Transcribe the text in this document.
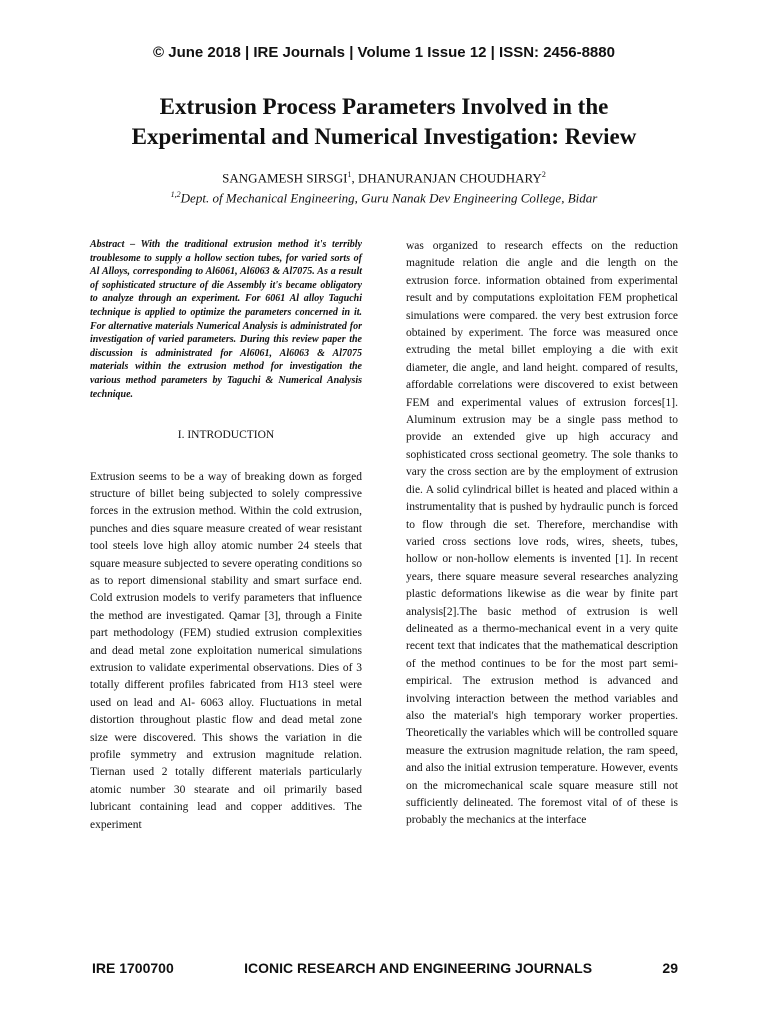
© June 2018 | IRE Journals | Volume 1 Issue 12 | ISSN: 2456-8880
Extrusion Process Parameters Involved in the
Experimental and Numerical Investigation: Review
SANGAMESH SIRSGI$^1$, DHANURANJAN CHOUDHARY$^2$
$^{1,2}$Dept. of Mechanical Engineering, Guru Nanak Dev Engineering College, Bidar

Abstract – With the traditional extrusion method it's terribly troublesome to supply a hollow section tubes, for varied sorts of Al Alloys, corresponding to Al6061, Al6063 & Al7075. As a result of sophisticated structure of die Assembly it's became obligatory to analyze through an experiment. For 6061 Al alloy Taguchi technique is applied to optimize the parameters concerned in it. For alternative materials Numerical Analysis is administrated for investigation of varied parameters. During this review paper the discussion is administrated for Al6061, Al6063 & Al7075 materials within the extrusion method for investigation the various method parameters by Taguchi & Numerical Analysis technique.

I. INTRODUCTION

Extrusion seems to be a way of breaking down as forged structure of billet being subjected to solely compressive forces in the extrusion method. Within the cold extrusion, punches and dies square measure created of wear resistant tool steels love high alloy atomic number 24 steels that square measure subjected to severe operating conditions so as to report dimensional stability and smart surface end. Cold extrusion models to verify parameters that influence the method are investigated. Qamar [3], through a Finite part methodology (FEM) studied extrusion complexities and dead metal zone exploitation numerical simulations extrusion to validate experimental observations. Dies of 3 totally different profiles fabricated from H13 steel were used on lead and Al- 6063 alloy. Fluctuations in metal distortion throughout plastic flow and dead metal zone size were discovered. This shows the variation in die profile symmetry and extrusion magnitude relation. Tiernan used 2 totally different materials particularly atomic number 30 stearate and oil primarily based lubricant containing lead and copper additives. The experiment

was organized to research effects on the reduction magnitude relation die angle and die length on the extrusion force. information obtained from experimental result and by computations exploitation FEM prophetical simulations were compared. the very best extrusion force obtained by experiment. The force was measured once extruding the metal billet employing a die with exit diameter, die angle, and land height. compared of results, affordable correlations were discovered to exist between FEM and experimental values of extrusion forces[1]. Aluminum extrusion may be a single pass method to provide an extended give up high accuracy and sophisticated cross sectional geometry. The sole thanks to vary the cross section are by the employment of extrusion die. A solid cylindrical billet is heated and placed within a instrumentality that is pushed by hydraulic punch is forced to flow through die set. Therefore, merchandise with varied cross sections love rods, wires, sheets, tubes, hollow or non-hollow elements is invented [1]. In recent years, there square measure several researches analyzing plastic deformations likewise as die wear by finite part analysis[2].The basic method of extrusion is well delineated as a thermo-mechanical event in a very quite recent text that indicates that the mathematical description of the method continues to be for the most part semi-empirical. The extrusion method is advanced and involving interaction between the method variables and also the material's high temporary worker properties. Theoretically the variables which will be controlled square measure the extrusion magnitude relation, the ram speed, and also the initial extrusion temperature. However, events on the micromechanical scale square measure still not sufficiently delineated. The foremost vital of of these is probably the mechanics at the interface

IRE 1700700	ICONIC RESEARCH AND ENGINEERING JOURNALS	29
